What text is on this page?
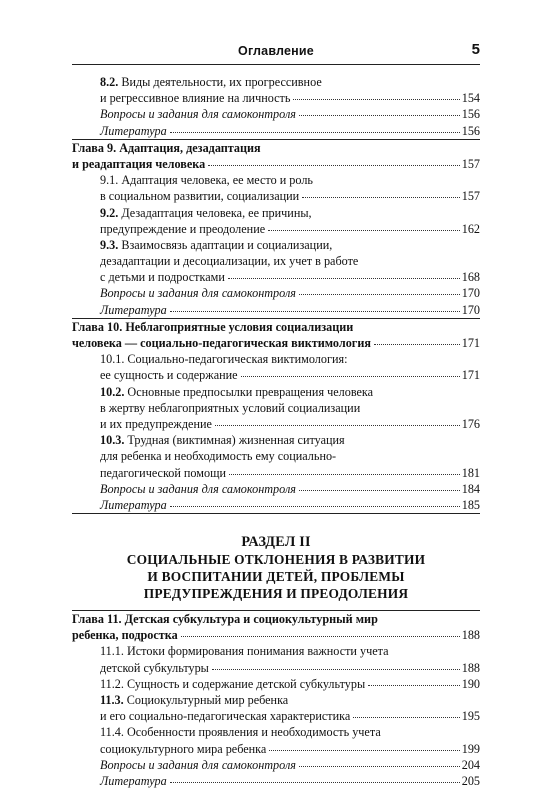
Оглавление	5
8.2. Виды деятельности, их прогрессивное
и регрессивное влияние на личность	154
Вопросы и задания для самоконтроля	156
Литература	156
Глава 9. Адаптация, дезадаптация
и реадаптация человека	157
9.1. Адаптация человека, ее место и роль
в социальном развитии, социализации	157
9.2. Дезадаптация человека, ее причины,
предупреждение и преодоление	162
9.3. Взаимосвязь адаптации и социализации,
дезадаптации и десоциализации, их учет в работе
с детьми и подростками	168
Вопросы и задания для самоконтроля	170
Литература	170
Глава 10. Неблагоприятные условия социализации
человека — социально-педагогическая виктимология	171
10.1. Социально-педагогическая виктимология:
ее сущность и содержание	171
10.2. Основные предпосылки превращения человека
в жертву неблагоприятных условий социализации
и их предупреждение	176
10.3. Трудная (виктимная) жизненная ситуация
для ребенка и необходимость ему социально-
педагогической помощи	181
Вопросы и задания для самоконтроля	184
Литература	185
РАЗДЕЛ II
СОЦИАЛЬНЫЕ ОТКЛОНЕНИЯ В РАЗВИТИИ
И ВОСПИТАНИИ ДЕТЕЙ, ПРОБЛЕМЫ
ПРЕДУПРЕЖДЕНИЯ И ПРЕОДОЛЕНИЯ
Глава 11. Детская субкультура и социокультурный мир
ребенка, подростка	188
11.1. Истоки формирования понимания важности учета
детской субкультуры	188
11.2. Сущность и содержание детской субкультуры	190
11.3. Социокультурный мир ребенка
и его социально-педагогическая характеристика	195
11.4. Особенности проявления и необходимость учета
социокультурного мира ребенка	199
Вопросы и задания для самоконтроля	204
Литература	205
